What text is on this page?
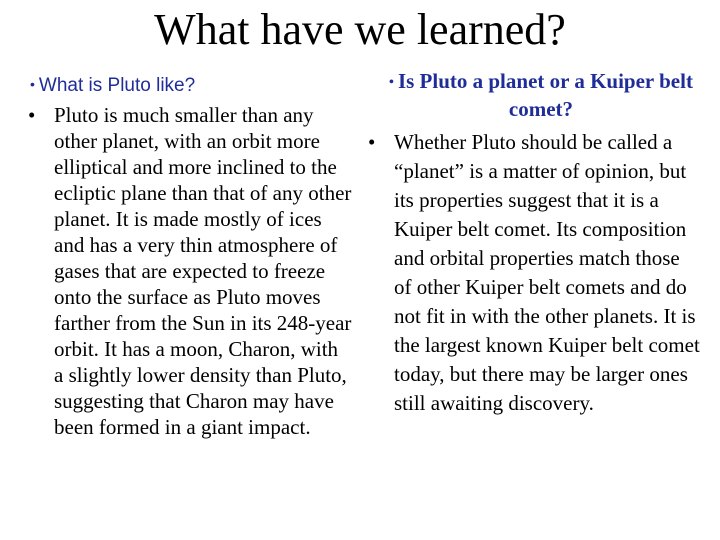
What have we learned?
• What is Pluto like?
• Pluto is much smaller than any other planet, with an orbit more elliptical and more inclined to the ecliptic plane than that of any other planet. It is made mostly of ices and has a very thin atmosphere of gases that are expected to freeze onto the surface as Pluto moves farther from the Sun in its 248-year orbit. It has a moon, Charon, with a slightly lower density than Pluto, suggesting that Charon may have been formed in a giant impact.
• Is Pluto a planet or a Kuiper belt comet?
• Whether Pluto should be called a “planet” is a matter of opinion, but its properties suggest that it is a Kuiper belt comet. Its composition and orbital properties match those of other Kuiper belt comets and do not fit in with the other planets. It is the largest known Kuiper belt comet today, but there may be larger ones still awaiting discovery.
